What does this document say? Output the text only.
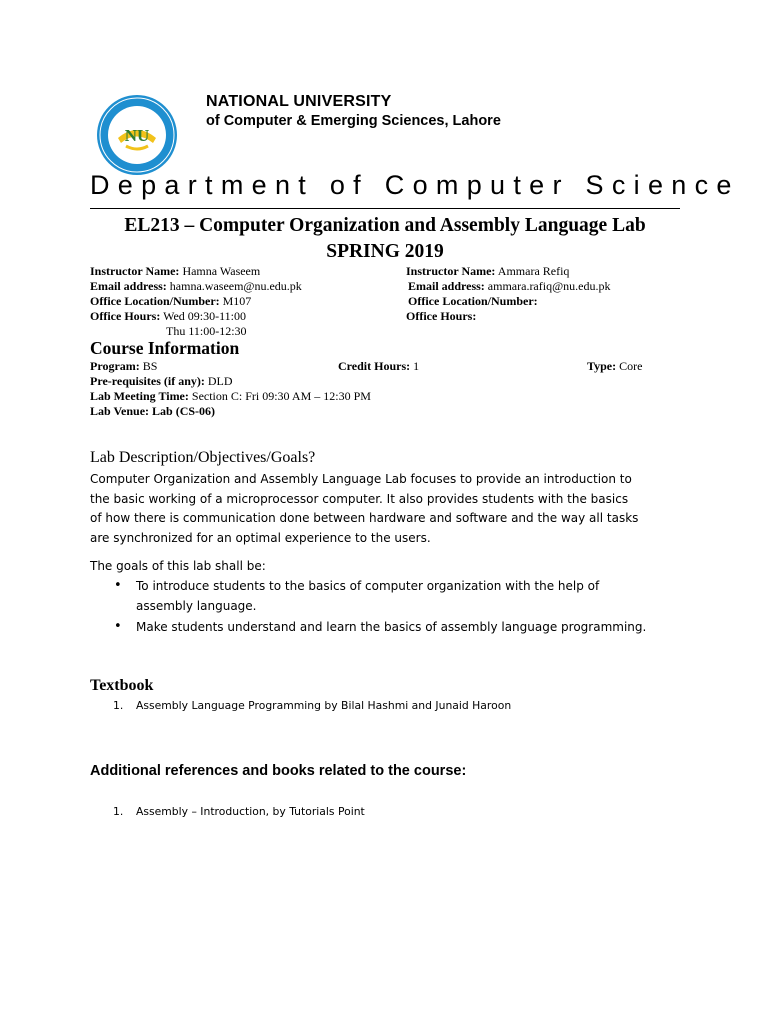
NU
NATIONAL UNIVERSITY
of Computer & Emerging Sciences, Lahore
Department of Computer Science
EL213 – Computer Organization and Assembly Language Lab
SPRING 2019
Instructor Name: Hamna Waseem
Email address: hamna.waseem@nu.edu.pk
Office Location/Number: M107
Office Hours: Wed 09:30-11:00
Thu 11:00-12:30
Instructor Name: Ammara Refiq
Email address: ammara.rafiq@nu.edu.pk
Office Location/Number:
Office Hours:
Course Information
Program: BS	Credit Hours: 1	Type: Core
Pre-requisites (if any): DLD
Lab Meeting Time: Section C: Fri 09:30 AM – 12:30 PM
Lab Venue: Lab (CS-06)
Lab Description/Objectives/Goals?

Computer Organization and Assembly Language Lab focuses to provide an introduction to

the basic working of a microprocessor computer. It also provides students with the basics

of how there is communication done between hardware and software and the way all tasks

are synchronized for an optimal experience to the users.

The goals of this lab shall be:
• To introduce students to the basics of computer organization with the help of

assembly language.

• Make students understand and learn the basics of assembly language programming.

Textbook
1. Assembly Language Programming by Bilal Hashmi and Junaid Haroon
Additional references and books related to the course:
1. Assembly – Introduction, by Tutorials Point
